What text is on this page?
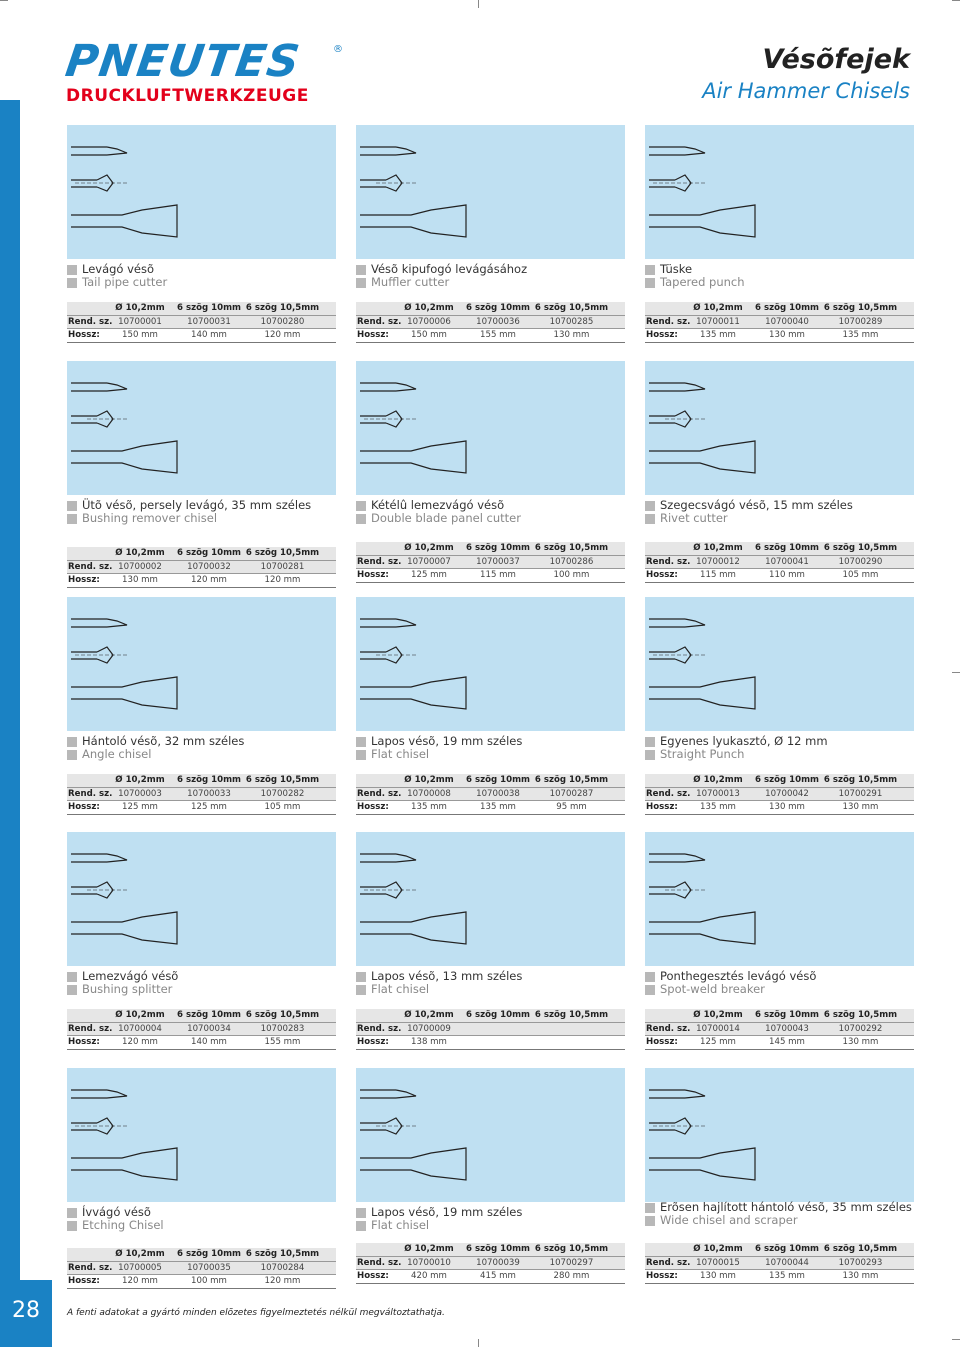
28
PNEUTES
DRUCKLUFTWERKZEUGE
®	Vésõfejek
Air Hammer Chisels
Levágó vésõ
Tail pipe cutter
Ø 10,2mm	6 szög 10mm 6 szög 10,5mm
Rend. sz. 10700001	10700031	10700280
Hossz:	150 mm	140 mm	120 mm
Vésõ kipufogó levágásához
Muffler cutter
Ø 10,2mm	6 szög 10mm 6 szög 10,5mm
Rend. sz. 10700006	10700036	10700285
Hossz:	150 mm	155 mm	130 mm
Tüske
Tapered punch
Ø 10,2mm	6 szög 10mm 6 szög 10,5mm
Rend. sz. 10700011	10700040	10700289
Hossz:	135 mm	130 mm	135 mm
Ütõ vésõ, persely levágó, 35 mm széles
Bushing remover chisel
Ø 10,2mm	6 szög 10mm 6 szög 10,5mm
Rend. sz. 10700002	10700032	10700281
Hossz:	130 mm	120 mm	120 mm
Kétélû lemezvágó vésõ
Double blade panel cutter
Ø 10,2mm	6 szög 10mm 6 szög 10,5mm
Rend. sz. 10700007	10700037	10700286
Hossz:	125 mm	115 mm	100 mm
Szegecsvágó vésõ, 15 mm széles
Rivet cutter
Ø 10,2mm	6 szög 10mm 6 szög 10,5mm
Rend. sz. 10700012	10700041	10700290
Hossz:	115 mm	110 mm	105 mm
Hántoló vésõ, 32 mm széles
Angle chisel
Ø 10,2mm	6 szög 10mm 6 szög 10,5mm
Rend. sz. 10700003	10700033	10700282
Hossz:	125 mm	125 mm	105 mm
Lapos vésõ, 19 mm széles
Flat chisel
Ø 10,2mm	6 szög 10mm 6 szög 10,5mm
Rend. sz. 10700008	10700038	10700287
Hossz:	135 mm	135 mm	95 mm
Egyenes lyukasztó, Ø 12 mm
Straight Punch
Ø 10,2mm	6 szög 10mm 6 szög 10,5mm
Rend. sz. 10700013	10700042	10700291
Hossz:	135 mm	130 mm	130 mm
Lemezvágó vésõ
Bushing splitter
Ø 10,2mm	6 szög 10mm 6 szög 10,5mm
Rend. sz. 10700004	10700034	10700283
Hossz:	120 mm	140 mm	155 mm
Lapos vésõ, 13 mm széles
Flat chisel
Ø 10,2mm	6 szög 10mm 6 szög 10,5mm
Rend. sz. 10700009
Hossz:	138 mm
Ponthegesztés levágó vésõ
Spot-weld breaker
Ø 10,2mm	6 szög 10mm 6 szög 10,5mm
Rend. sz. 10700014	10700043	10700292
Hossz:	125 mm	145 mm	130 mm
Ívvágó vésõ
Etching Chisel
Ø 10,2mm	6 szög 10mm 6 szög 10,5mm
Rend. sz. 10700005	10700035	10700284
Hossz:	120 mm	100 mm	120 mm
Lapos vésõ, 19 mm széles
Flat chisel
Ø 10,2mm	6 szög 10mm 6 szög 10,5mm
Rend. sz. 10700010	10700039	10700297
Hossz:	420 mm	415 mm	280 mm
Erõsen hajlított hántoló vésõ, 35 mm széles
Wide chisel and scraper
Ø 10,2mm	6 szög 10mm 6 szög 10,5mm
Rend. sz. 10700015	10700044	10700293
Hossz:	130 mm	135 mm	130 mm
A fenti adatokat a gyártó minden elõzetes figyelmeztetés nélkül megváltoztathatja.
